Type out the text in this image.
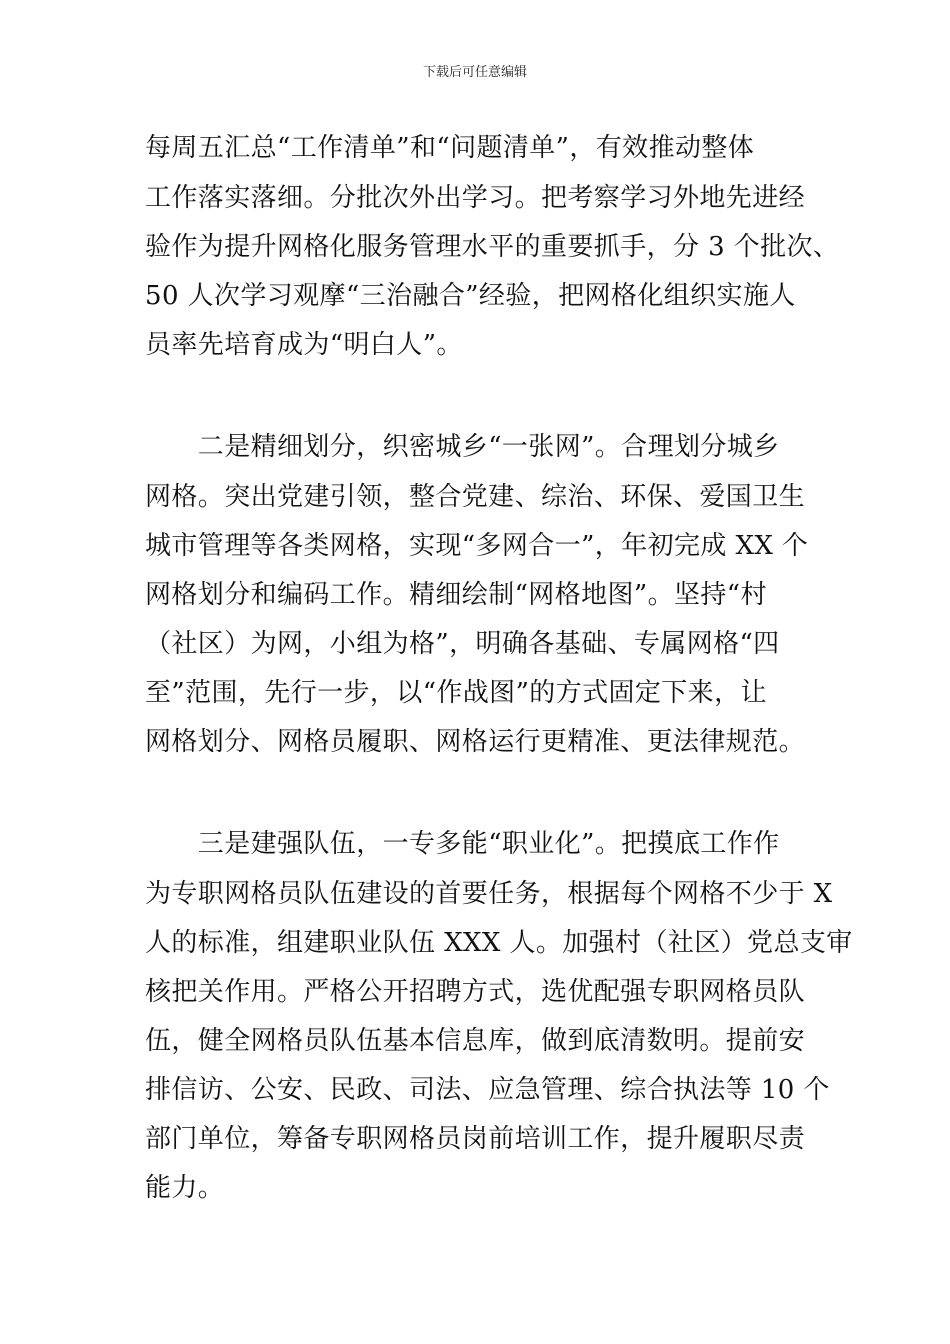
下载后可任意编辑
每周五汇总“工作清单”和“问题清单”，有效推动整体
工作落实落细。分批次外出学习。把考察学习外地先进经
验作为提升网格化服务管理水平的重要抓手，分 3 个批次、
50 人次学习观摩“三治融合”经验，把网格化组织实施人
员率先培育成为“明白人”。
　　二是精细划分，织密城乡“一张网”。合理划分城乡
网格。突出党建引领，整合党建、综治、环保、爱国卫生
城市管理等各类网格，实现“多网合一”，年初完成 XX 个
网格划分和编码工作。精细绘制“网格地图”。坚持“村
（社区）为网，小组为格”，明确各基础、专属网格“四
至”范围，先行一步，以“作战图”的方式固定下来，让
网格划分、网格员履职、网格运行更精准、更法律规范。
　　三是建强队伍，一专多能“职业化”。把摸底工作作
为专职网格员队伍建设的首要任务，根据每个网格不少于 X
人的标准，组建职业队伍 XXX 人。加强村（社区）党总支审
核把关作用。严格公开招聘方式，选优配强专职网格员队
伍，健全网格员队伍基本信息库，做到底清数明。提前安
排信访、公安、民政、司法、应急管理、综合执法等 10 个
部门单位，筹备专职网格员岗前培训工作，提升履职尽责
能力。
